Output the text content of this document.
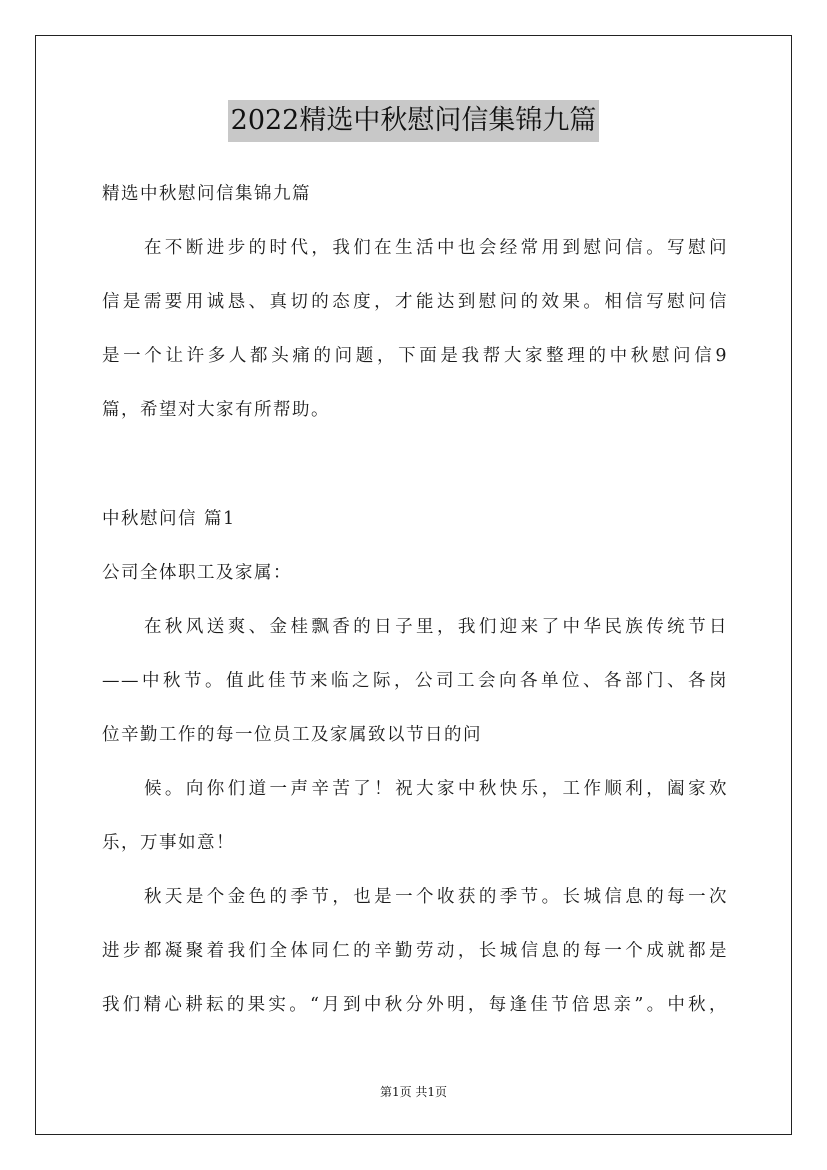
2022精选中秋慰问信集锦九篇
精选中秋慰问信集锦九篇
在不断进步的时代，我们在生活中也会经常用到慰问信。写慰问
信是需要用诚恳、真切的态度，才能达到慰问的效果。相信写慰问信
是一个让许多人都头痛的问题，下面是我帮大家整理的中秋慰问信9
篇，希望对大家有所帮助。
中秋慰问信 篇1
公司全体职工及家属：
在秋风送爽、金桂飘香的日子里，我们迎来了中华民族传统节日
——中秋节。值此佳节来临之际，公司工会向各单位、各部门、各岗
位辛勤工作的每一位员工及家属致以节日的问
候。向你们道一声辛苦了！祝大家中秋快乐，工作顺利，阖家欢
乐，万事如意！
秋天是个金色的季节，也是一个收获的季节。长城信息的每一次
进步都凝聚着我们全体同仁的辛勤劳动，长城信息的每一个成就都是
我们精心耕耘的果实。“月到中秋分外明，每逢佳节倍思亲”。中秋，
第1页 共1页
